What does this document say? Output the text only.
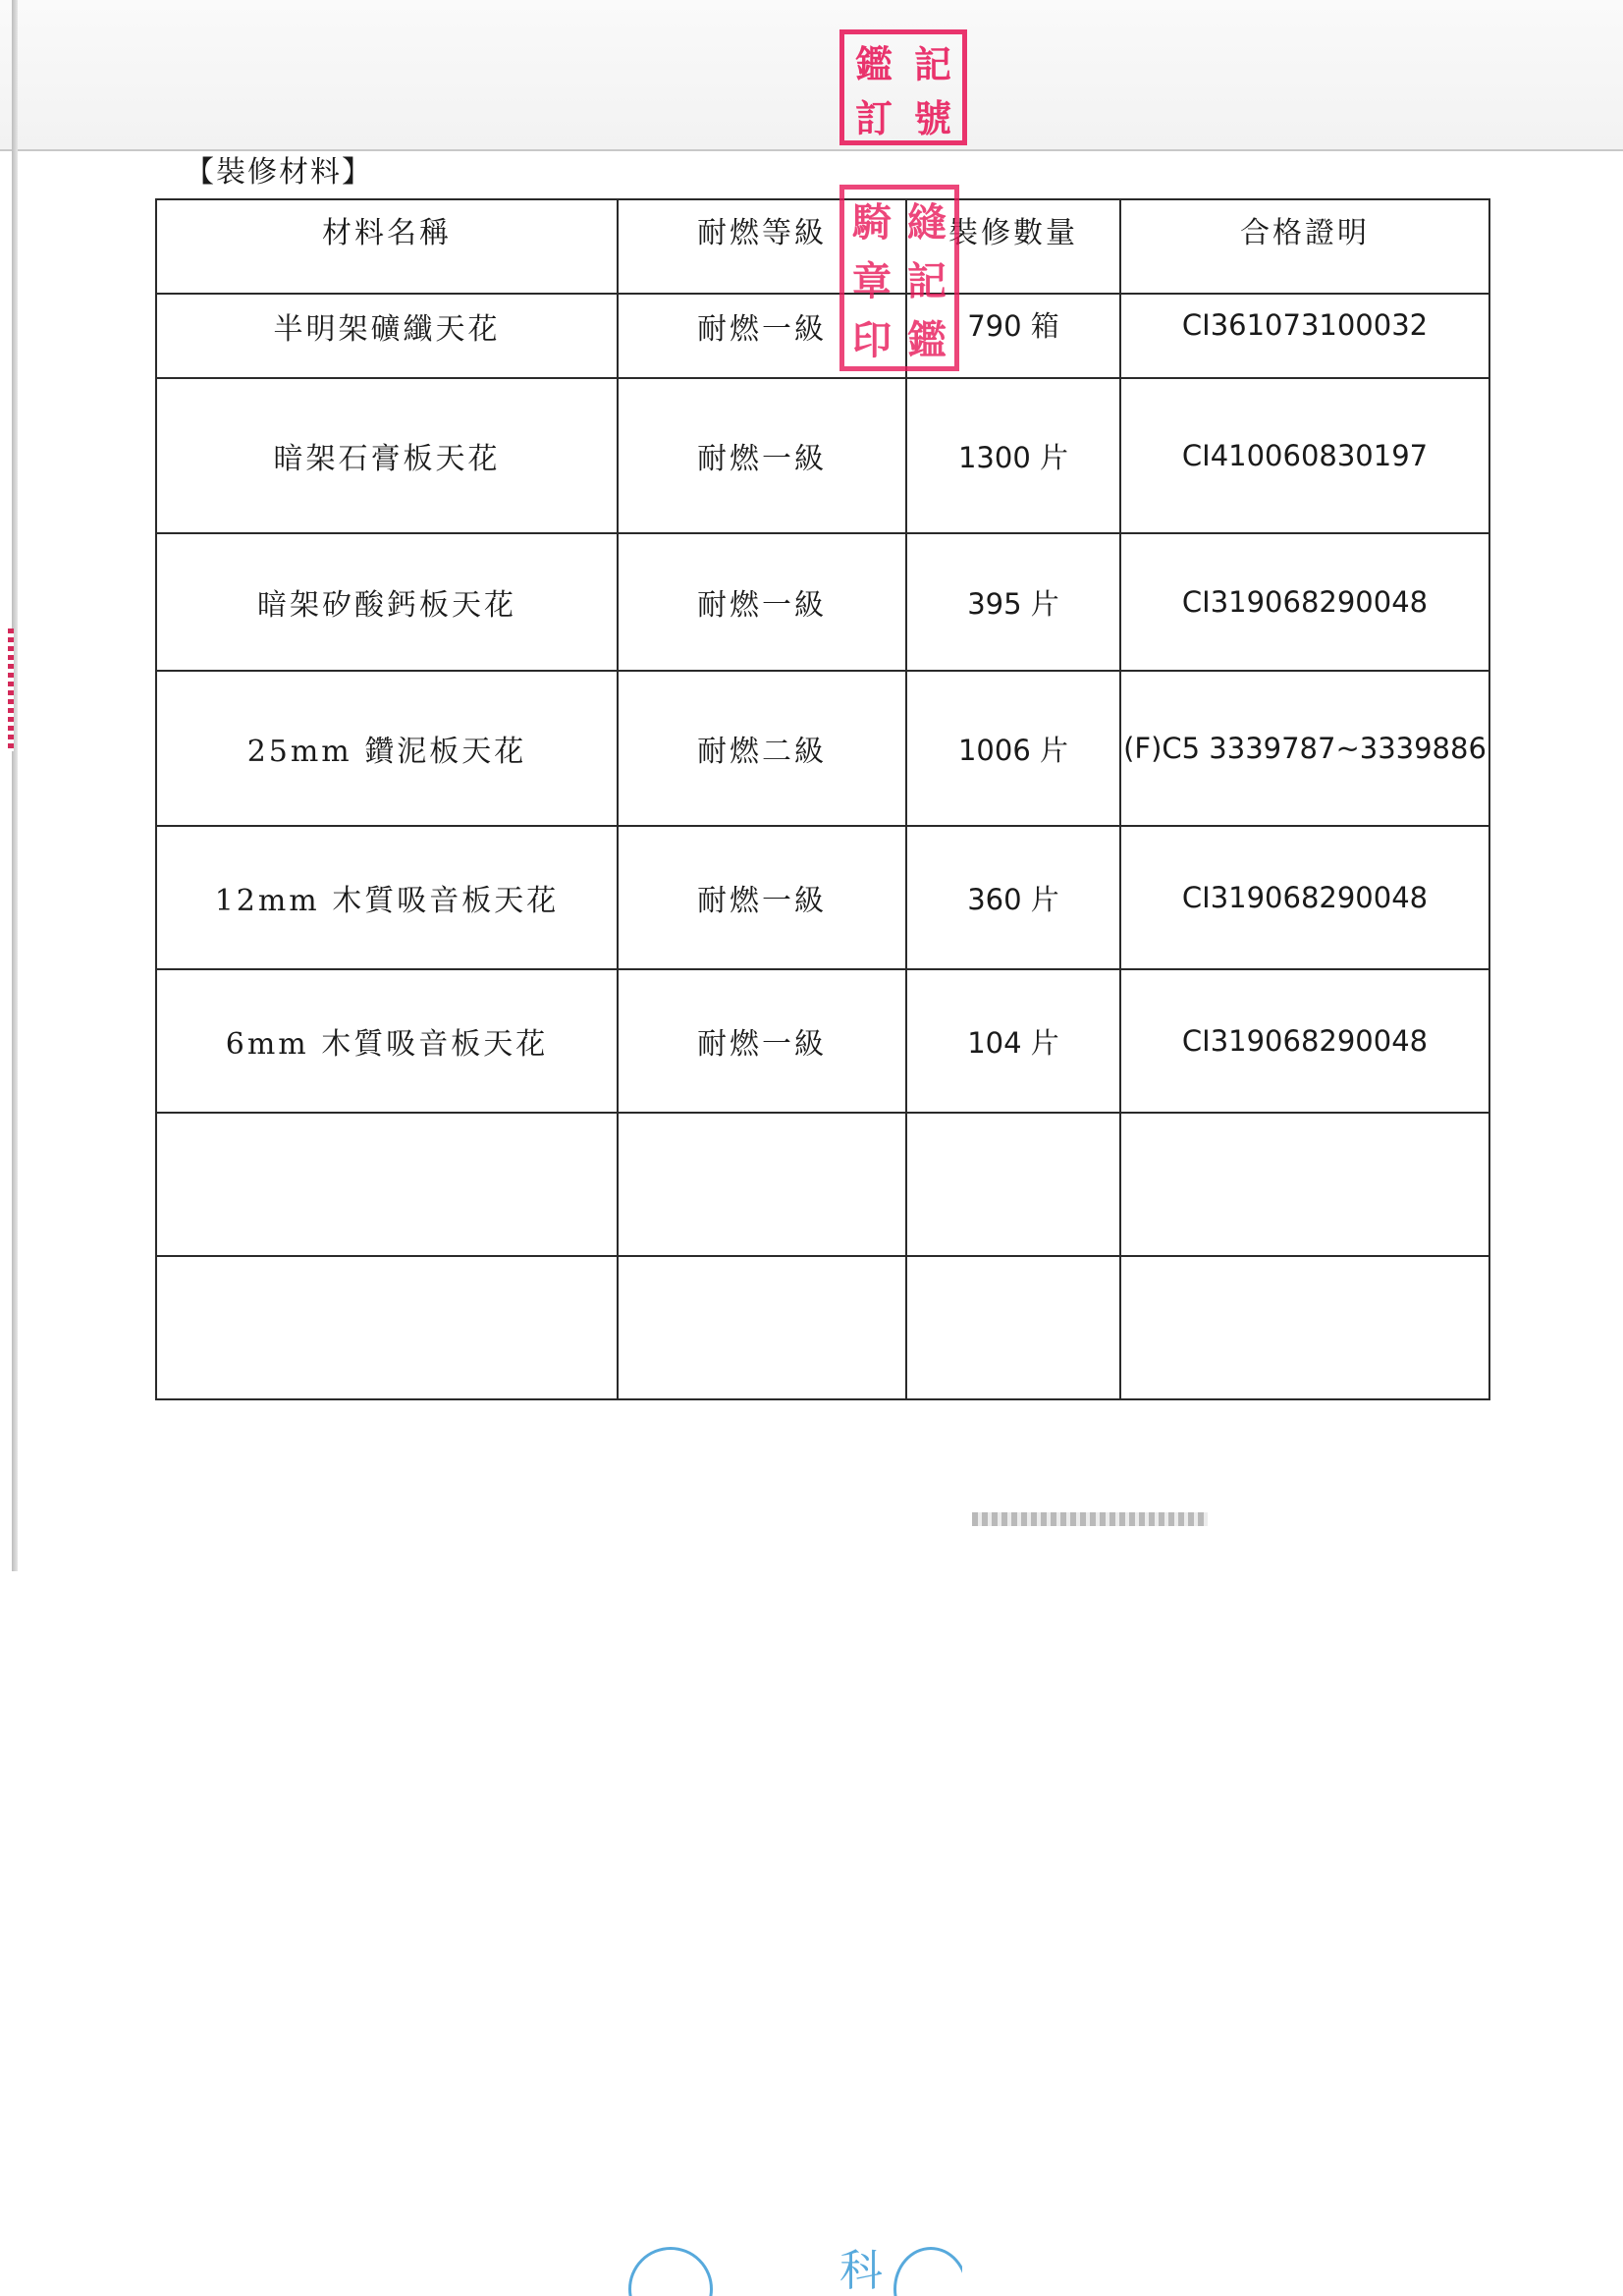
鑑 記
訂 號
【裝修材料】
材料名稱	耐燃等級	裝修數量	合格證明
半明架礦纖天花	耐燃一級	790 箱	CI361073100032
暗架石膏板天花	耐燃一級	1300 片	CI410060830197
暗架矽酸鈣板天花	耐燃一級	395 片	CI319068290048
25mm 鑽泥板天花	耐燃二級	1006 片	(F)C5 3339787~3339886
12mm 木質吸音板天花	耐燃一級	360 片	CI319068290048
6mm 木質吸音板天花	耐燃一級	104 片	CI319068290048

騎 縫
章 記
印 鑑
科
